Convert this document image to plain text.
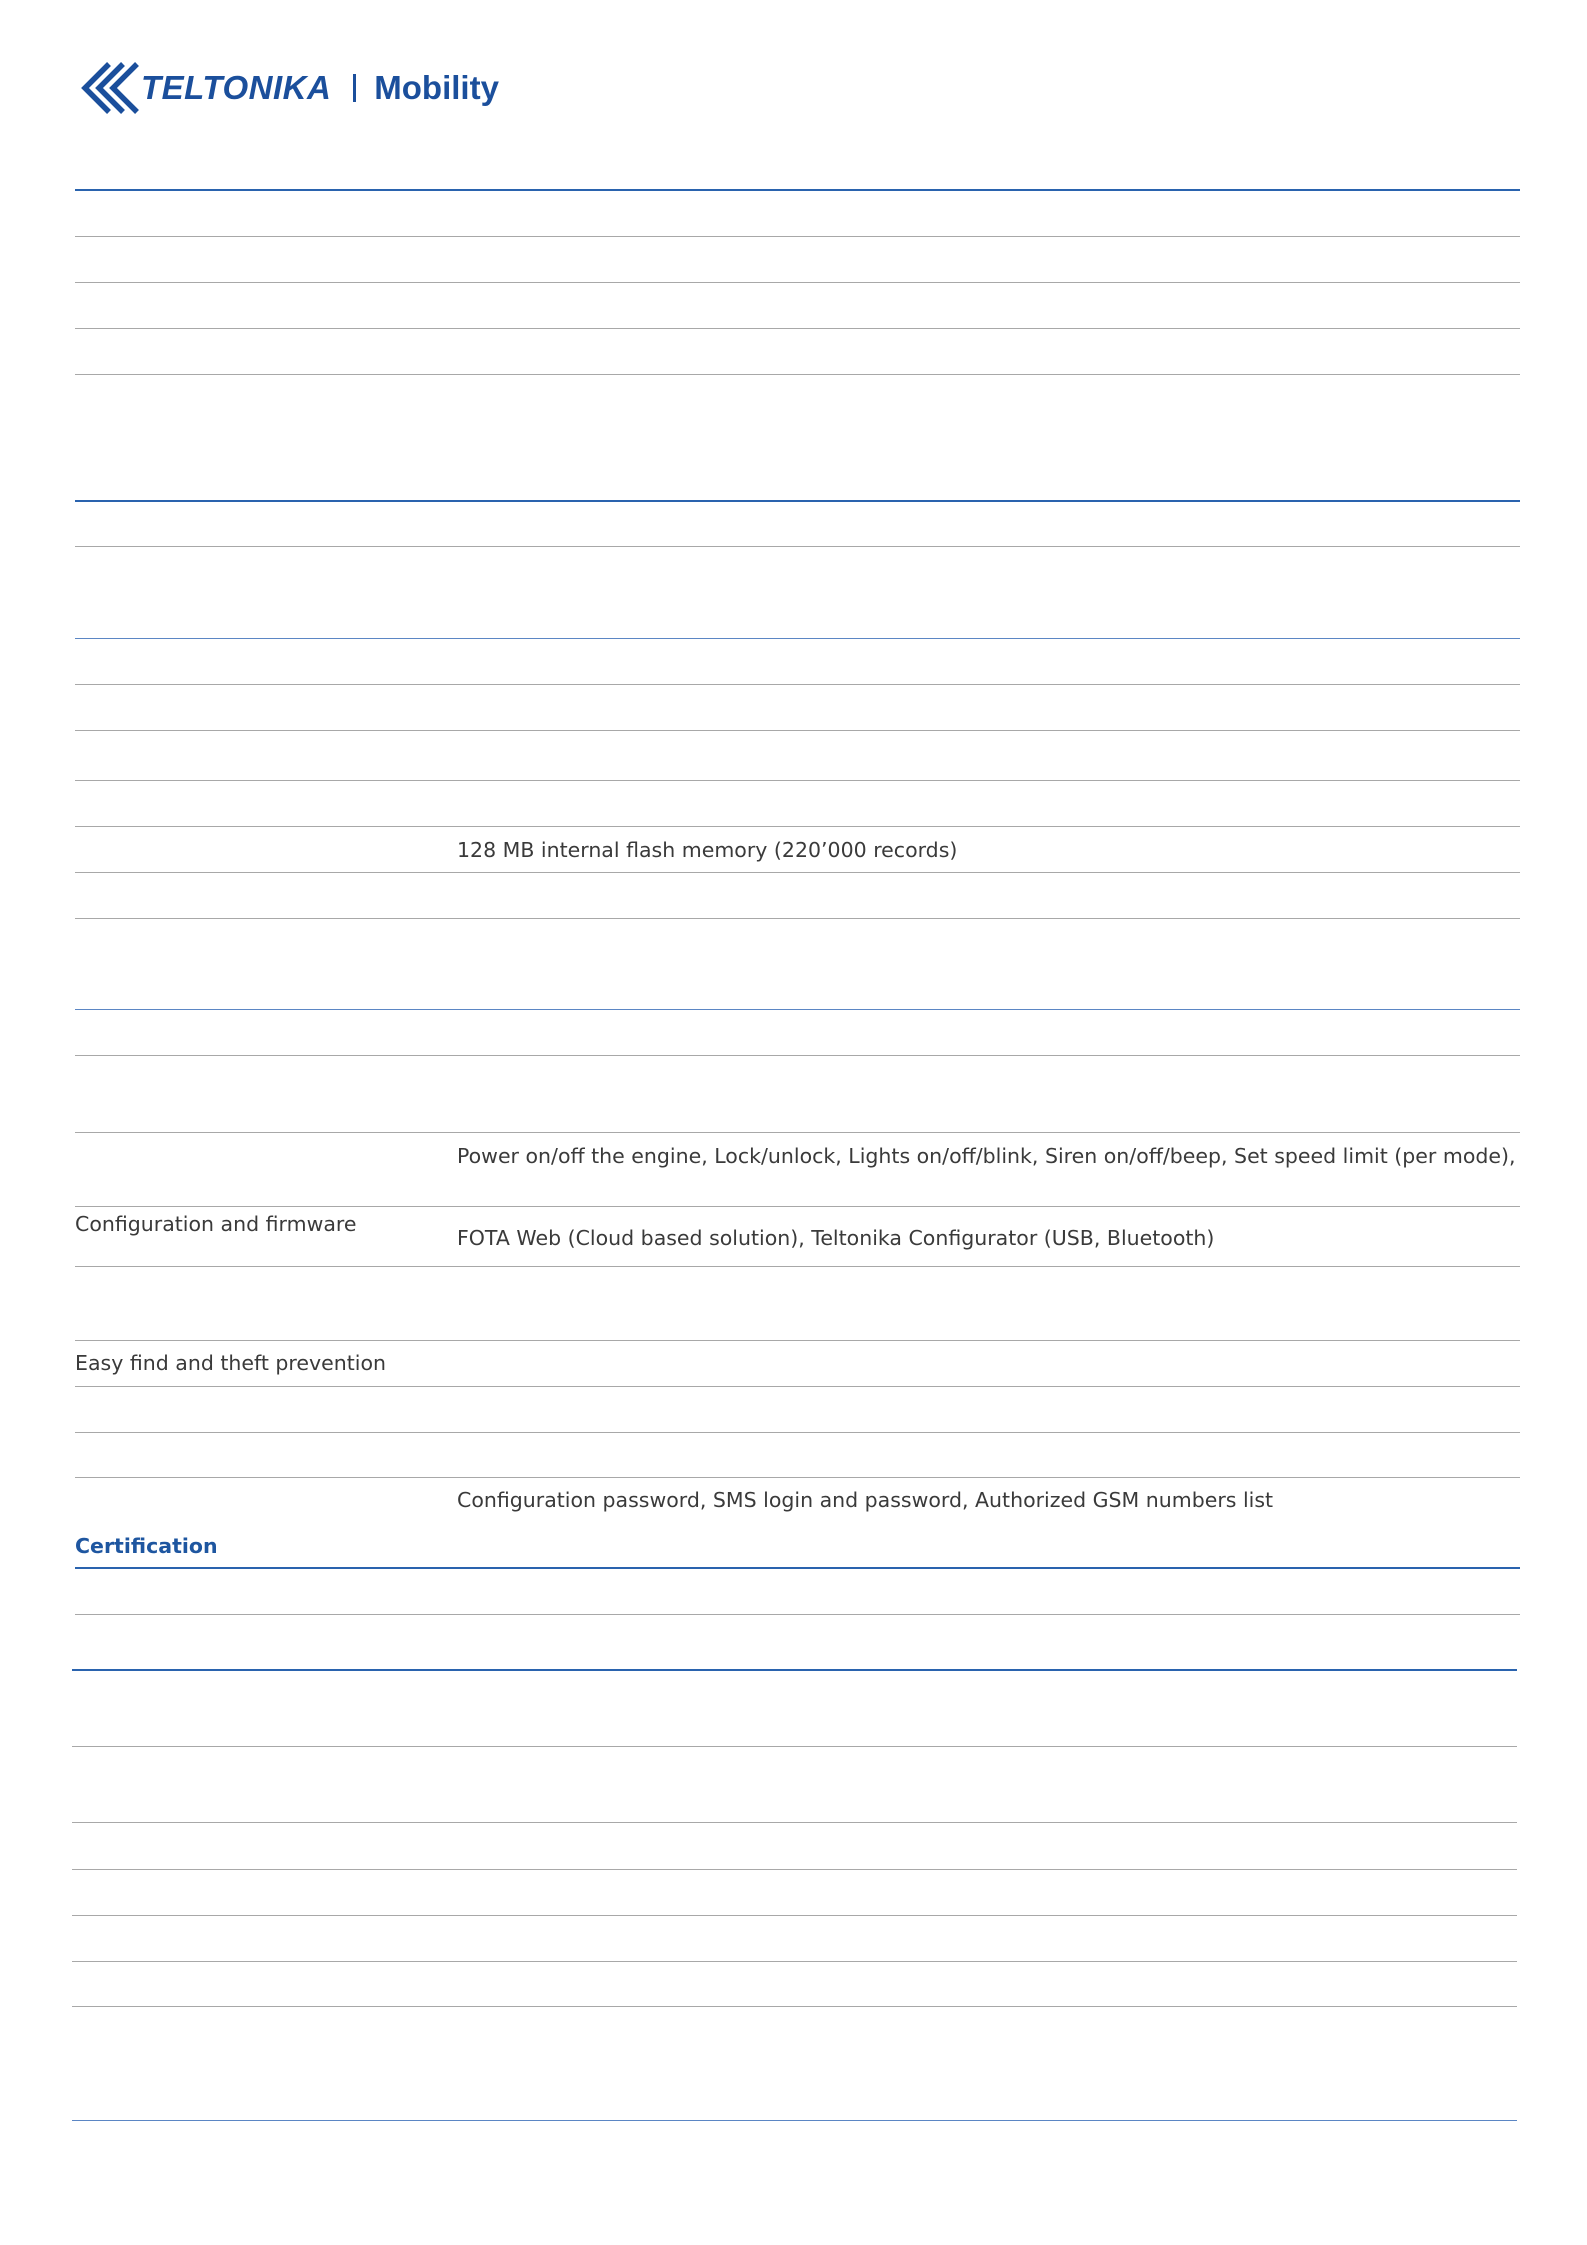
TELTONIKA Mobility
128 MB internal flash memory (220’000 records)
Power on/off the engine, Lock/unlock, Lights on/off/blink, Siren on/off/beep, Set speed limit (per mode),
Configuration and firmware
FOTA Web (Cloud based solution), Teltonika Configurator (USB, Bluetooth)
Easy find and theft prevention
Configuration password, SMS login and password, Authorized GSM numbers list
Certification
